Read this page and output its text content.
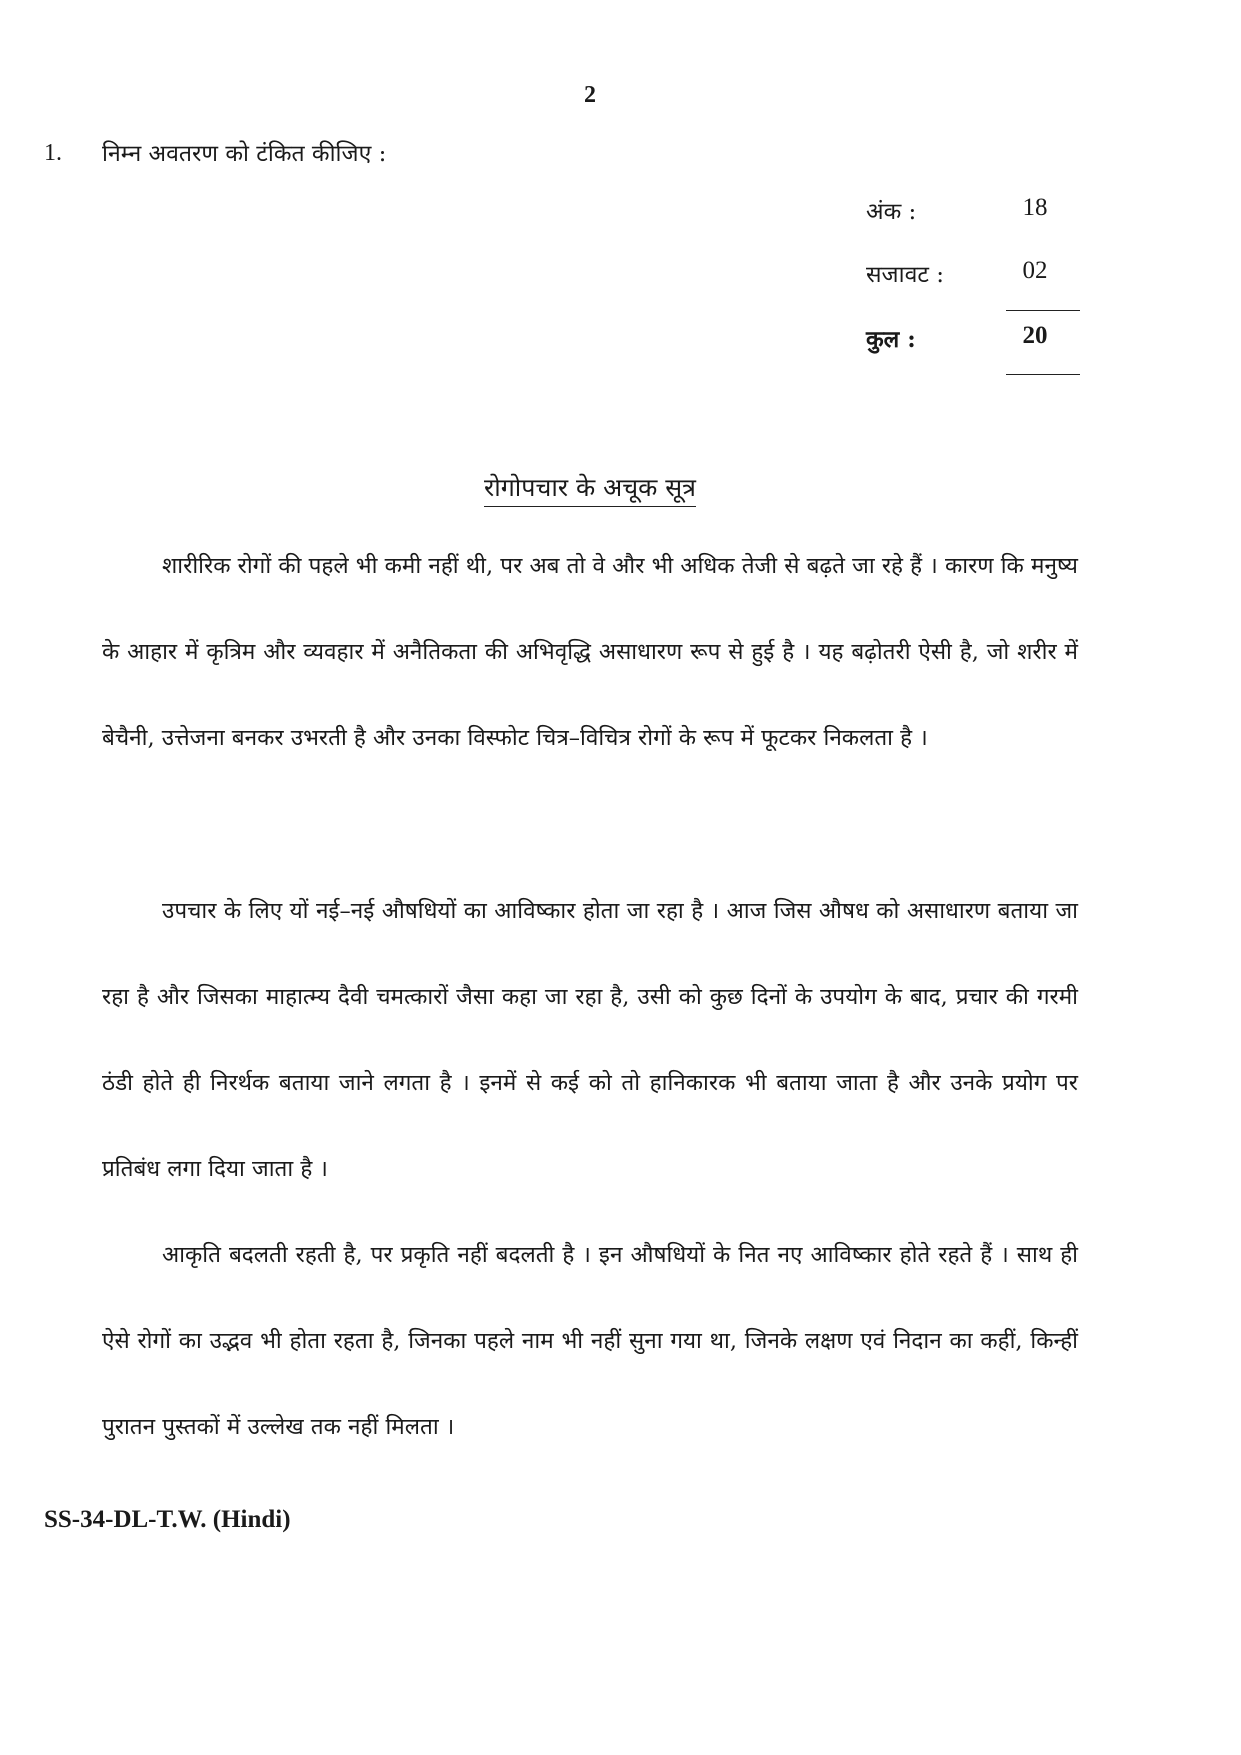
2
1. निम्न अवतरण को टंकित कीजिए :
अंक :	18
सजावट :	02
कुल :	20
रोगोपचार के अचूक सूत्र

शारीरिक रोगों की पहले भी कमी नहीं थी, पर अब तो वे और भी अधिक तेजी से बढ़ते जा रहे हैं । कारण कि मनुष्य के आहार में कृत्रिम और व्यवहार में अनैतिकता की अभिवृद्धि असाधारण रूप से हुई है । यह बढ़ोतरी ऐसी है, जो शरीर में बेचैनी, उत्तेजना बनकर उभरती है और उनका विस्फोट चित्र–विचित्र रोगों के रूप में फूटकर निकलता है ।

उपचार के लिए यों नई–नई औषधियों का आविष्कार होता जा रहा है । आज जिस औषध को असाधारण बताया जा रहा है और जिसका माहात्म्य दैवी चमत्कारों जैसा कहा जा रहा है, उसी को कुछ दिनों के उपयोग के बाद, प्रचार की गरमी ठंडी होते ही निरर्थक बताया जाने लगता है । इनमें से कई को तो हानिकारक भी बताया जाता है और उनके प्रयोग पर प्रतिबंध लगा दिया जाता है ।

आकृति बदलती रहती है, पर प्रकृति नहीं बदलती है । इन औषधियों के नित नए आविष्कार होते रहते हैं । साथ ही ऐसे रोगों का उद्भव भी होता रहता है, जिनका पहले नाम भी नहीं सुना गया था, जिनके लक्षण एवं निदान का कहीं, किन्हीं पुरातन पुस्तकों में उल्लेख तक नहीं मिलता ।

SS-34-DL-T.W. (Hindi)
